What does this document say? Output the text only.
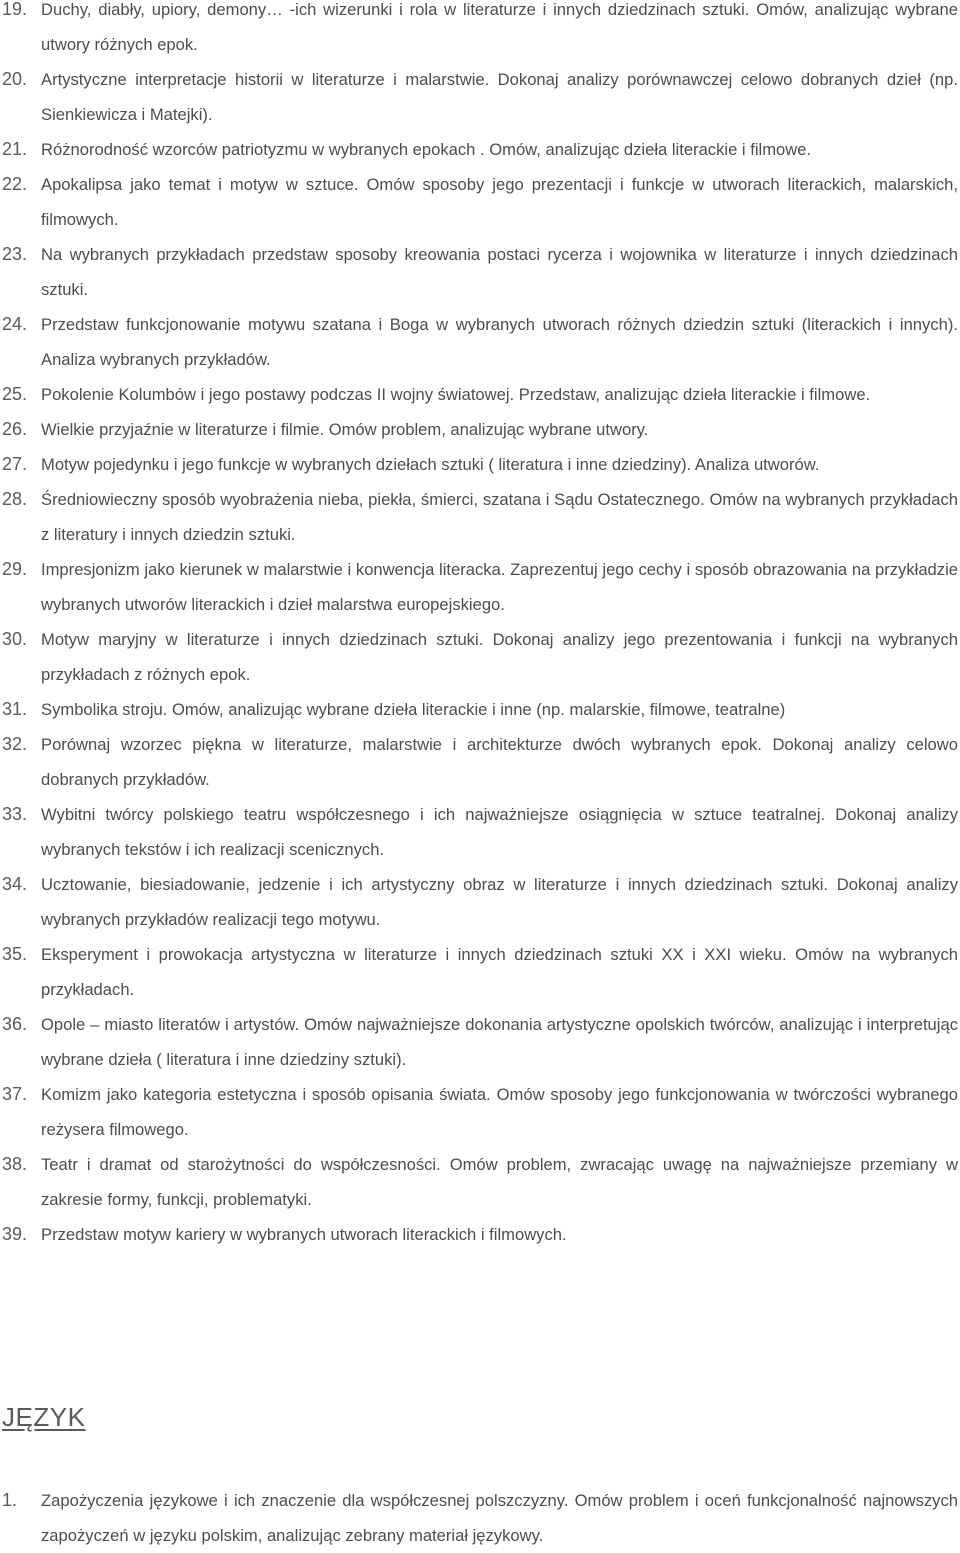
19. Duchy, diabły, upiory, demony… -ich wizerunki i rola w literaturze i innych dziedzinach sztuki. Omów, analizując wybrane utwory różnych epok.
20. Artystyczne interpretacje historii w literaturze i malarstwie. Dokonaj analizy porównawczej celowo dobranych dzieł (np. Sienkiewicza i Matejki).
21. Różnorodność wzorców patriotyzmu w wybranych epokach . Omów, analizując dzieła literackie i filmowe.
22. Apokalipsa jako temat i motyw w sztuce. Omów sposoby jego prezentacji i funkcje w utworach literackich, malarskich, filmowych.
23. Na wybranych przykładach przedstaw sposoby kreowania postaci rycerza i wojownika w literaturze i innych dziedzinach sztuki.
24. Przedstaw funkcjonowanie motywu szatana i Boga w wybranych utworach różnych dziedzin sztuki (literackich i innych). Analiza wybranych przykładów.
25. Pokolenie Kolumbów i jego postawy podczas II wojny światowej. Przedstaw, analizując dzieła literackie i filmowe.
26. Wielkie przyjaźnie w literaturze i filmie. Omów problem, analizując wybrane utwory.
27. Motyw pojedynku i jego funkcje w wybranych dziełach sztuki ( literatura i inne dziedziny). Analiza utworów.
28. Średniowieczny sposób wyobrażenia nieba, piekła, śmierci, szatana i Sądu Ostatecznego. Omów na wybranych przykładach z literatury i innych dziedzin sztuki.
29. Impresjonizm jako kierunek w malarstwie i konwencja literacka. Zaprezentuj jego cechy i sposób obrazowania na przykładzie wybranych utworów literackich i dzieł malarstwa europejskiego.
30. Motyw maryjny w literaturze i innych dziedzinach sztuki. Dokonaj analizy jego prezentowania i funkcji na wybranych przykładach z różnych epok.
31. Symbolika stroju. Omów, analizując wybrane dzieła literackie i inne (np. malarskie, filmowe, teatralne)
32. Porównaj wzorzec piękna w literaturze, malarstwie i architekturze dwóch wybranych epok. Dokonaj analizy celowo dobranych przykładów.
33. Wybitni twórcy polskiego teatru współczesnego i ich najważniejsze osiągnięcia w sztuce teatralnej. Dokonaj analizy wybranych tekstów i ich realizacji scenicznych.
34. Ucztowanie, biesiadowanie, jedzenie i ich artystyczny obraz w literaturze i innych dziedzinach sztuki. Dokonaj analizy wybranych przykładów realizacji tego motywu.
35. Eksperyment i prowokacja artystyczna w literaturze i innych dziedzinach sztuki XX i XXI wieku. Omów na wybranych przykładach.
36. Opole – miasto literatów i artystów. Omów najważniejsze dokonania artystyczne opolskich twórców, analizując i interpretując wybrane dzieła ( literatura i inne dziedziny sztuki).
37. Komizm jako kategoria estetyczna i sposób opisania świata. Omów sposoby jego funkcjonowania w twórczości wybranego reżysera filmowego.
38. Teatr i dramat od starożytności do współczesności. Omów problem, zwracając uwagę na najważniejsze przemiany w zakresie formy, funkcji, problematyki.
39. Przedstaw motyw kariery w wybranych utworach literackich i filmowych.
JĘZYK
1.	Zapożyczenia językowe i ich znaczenie dla współczesnej polszczyzny. Omów problem i oceń funkcjonalność najnowszych zapożyczeń w języku polskim, analizując zebrany materiał językowy.
